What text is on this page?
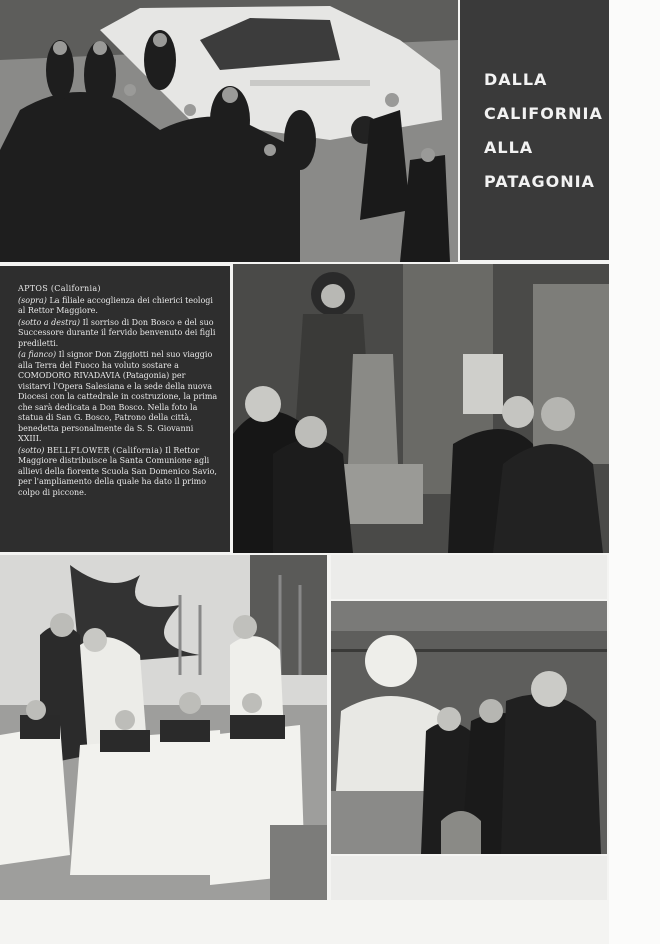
DALLA
CALIFORNIA
ALLA
PATAGONIA

APTOS (California)

(sopra) La filiale accoglienza dei chierici teologi al Rettor Maggiore.

(sotto a destra) Il sorriso di Don Bosco e del suo Successore durante il fervido benvenuto dei figli prediletti.

(a fianco) Il signor Don Ziggiotti nel suo viaggio alla Terra del Fuoco ha voluto sostare a COMODORO RIVADAVIA (Patagonia) per visitarvi l'Opera Salesiana e la sede della nuova Diocesi con la cattedrale in costruzione, la prima che sarà dedicata a Don Bosco. Nella foto la statua di San G. Bosco, Patrono della città, benedetta personalmente da S. S. Giovanni XXIII.

(sotto) BELLFLOWER (California) Il Rettor Maggiore distribuisce la Santa Comunione agli allievi della fiorente Scuola San Domenico Savio, per l'ampliamento della quale ha dato il primo colpo di piccone.
